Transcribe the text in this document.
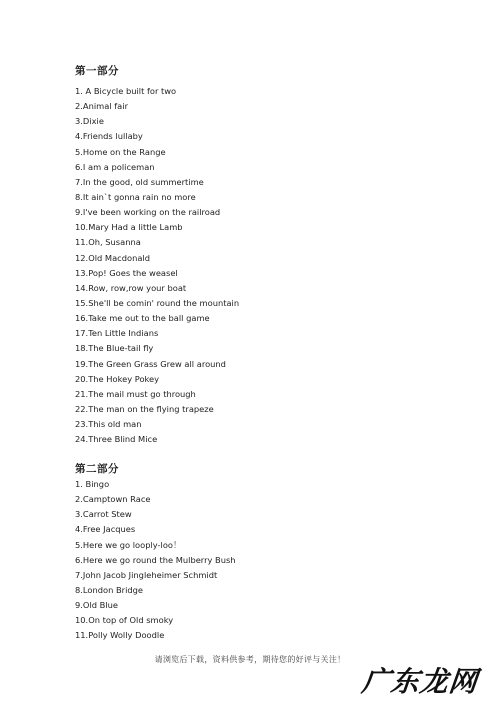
第一部分
1. A Bicycle built for two
2.Animal fair
3.Dixie
4.Friends lullaby
5.Home on the Range
6.I am a policeman
7.In the good, old summertime
8.It ain`t gonna rain no more
9.I've been working on the railroad
10.Mary Had a little Lamb
11.Oh, Susanna
12.Old Macdonald
13.Pop! Goes the weasel
14.Row, row,row your boat
15.She'll be comin' round the mountain
16.Take me out to the ball game
17.Ten Little Indians
18.The Blue-tail fly
19.The Green Grass Grew all around
20.The Hokey Pokey
21.The mail must go through
22.The man on the flying trapeze
23.This old man
24.Three Blind Mice
第二部分
1. Bingo
2.Camptown Race
3.Carrot Stew
4.Free Jacques
5.Here we go looply-loo！
6.Here we go round the Mulberry Bush
7.John Jacob Jingleheimer Schmidt
8.London Bridge
9.Old Blue
10.On top of Old smoky
11.Polly Wolly Doodle
请浏览后下载，资料供参考，期待您的好评与关注！
广东龙网
